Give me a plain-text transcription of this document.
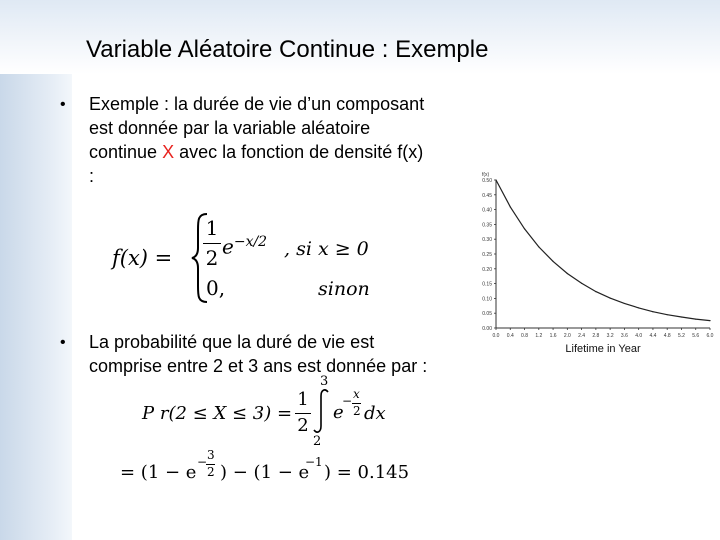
Variable Aléatoire Continue : Exemple
• Exemple : la durée de vie d’un composant

est donnée par la variable aléatoire

continue X avec la fonction de densité f(x)

:

f(x) =
1
2 $e^{-x/2}$ , si x ≥ 0
0,	sinon
• La probabilité que la duré de vie est

comprise entre 2 et 3 ans est donnée par :

P r(2 ≤ X ≤ 3) =
1
2
3
2
e
− x
2 dx
= (1 − e − 3
2 ) − (1 − e
−1 ) = 0.145
0.50
0.45
0.40
0.35
0.30
0.25
0.20
0.15
0.10
0.05
0.00
0.0 0.4 0.8 1.2 1.6 2.0 2.4 2.8 3.2 3.6 4.0 4.4 4.8 5.2 5.6 6.0
f(x)
Lifetime in Year
